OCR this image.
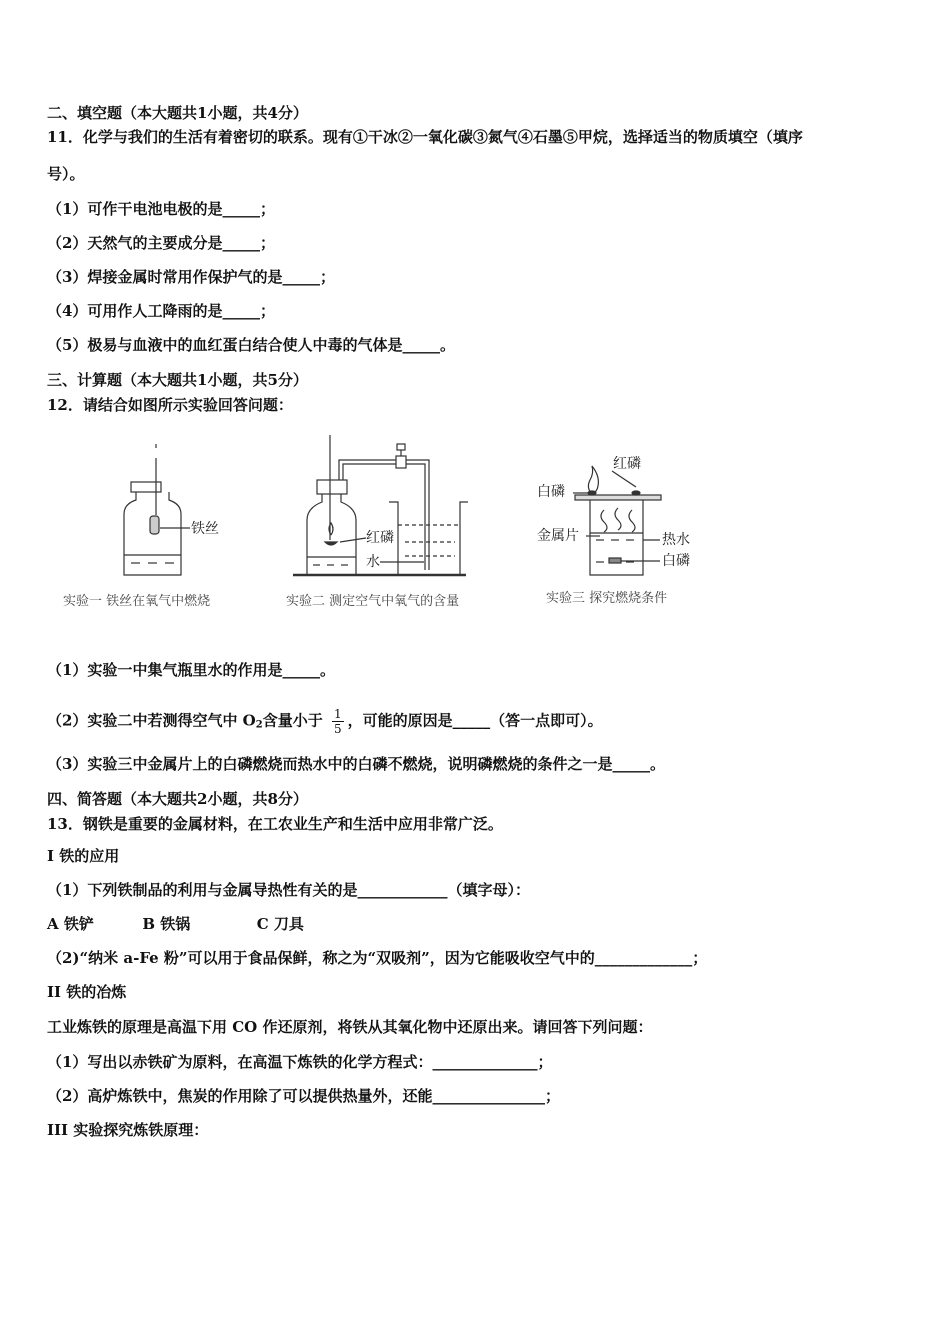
二、填空题（本大题共1小题，共4分）
11．化学与我们的生活有着密切的联系。现有①干冰②一氧化碳③氮气④石墨⑤甲烷，选择适当的物质填空（填序
号）。
（1）可作干电池电极的是_____；
（2）天然气的主要成分是_____；
（3）焊接金属时常用作保护气的是_____；
（4）可用作人工降雨的是_____；
（5）极易与血液中的血红蛋白结合使人中毒的气体是_____。
三、计算题（本大题共1小题，共5分）
12．请结合如图所示实验回答问题：
铁丝
实验一 铁丝在氧气中燃烧
红磷
水
实验二 测定空气中氧气的含量
红磷
白磷
金属片	热水
白磷
实验三 探究燃烧条件
（1）实验一中集气瓶里水的作用是_____。
（2）实验二中若测得空气中 $O_2$含量小于 $\frac{1}{5}$ ，可能的原因是_____（答一点即可）。
（3）实验三中金属片上的白磷燃烧而热水中的白磷不燃烧，说明磷燃烧的条件之一是_____。
四、简答题（本大题共2小题，共8分）
13．钢铁是重要的金属材料，在工农业生产和生活中应用非常广泛。
I 铁的应用
（1）下列铁制品的利用与金属导热性有关的是____________（填字母）：
A 铁铲	B 铁锅	C 刀具
（2)“纳米 a-Fe 粉”可以用于食品保鲜，称之为“双吸剂”，因为它能吸收空气中的_____________；
II 铁的冶炼
工业炼铁的原理是高温下用 CO 作还原剂，将铁从其氧化物中还原出来。请回答下列问题：
（1）写出以赤铁矿为原料，在高温下炼铁的化学方程式：______________；
（2）高炉炼铁中，焦炭的作用除了可以提供热量外，还能_______________；
III 实验探究炼铁原理：
